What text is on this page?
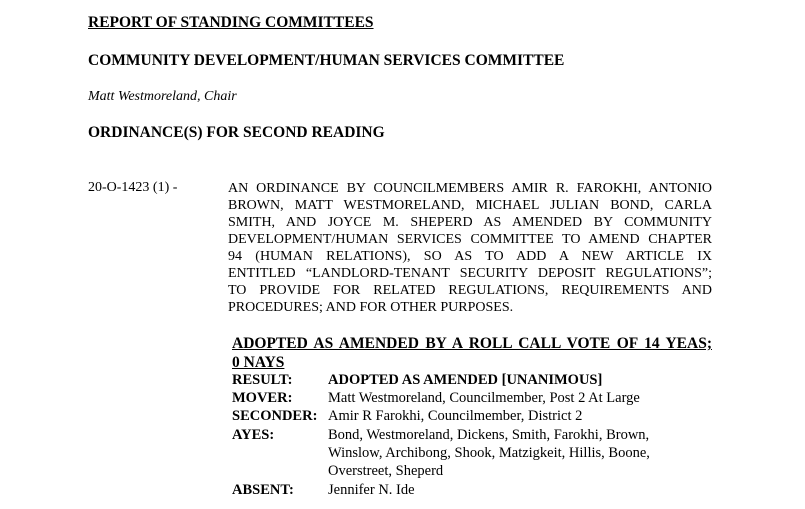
REPORT OF STANDING COMMITTEES
COMMUNITY DEVELOPMENT/HUMAN SERVICES COMMITTEE
Matt Westmoreland, Chair
ORDINANCE(S) FOR SECOND READING
20-O-1423 (1) -	AN ORDINANCE BY COUNCILMEMBERS AMIR R. FAROKHI, ANTONIO
BROWN, MATT WESTMORELAND, MICHAEL JULIAN BOND, CARLA
SMITH, AND JOYCE M. SHEPERD AS AMENDED BY COMMUNITY
DEVELOPMENT/HUMAN SERVICES COMMITTEE TO AMEND CHAPTER
94 (HUMAN RELATIONS), SO AS TO ADD A NEW ARTICLE IX
ENTITLED “LANDLORD-TENANT SECURITY DEPOSIT REGULATIONS”;
TO PROVIDE FOR RELATED REGULATIONS, REQUIREMENTS AND
PROCEDURES; AND FOR OTHER PURPOSES.
ADOPTED AS AMENDED BY A ROLL CALL VOTE OF 14 YEAS;
0 NAYS
RESULT: ADOPTED AS AMENDED [UNANIMOUS]
MOVER: Matt Westmoreland, Councilmember, Post 2 At Large
SECONDER: Amir R Farokhi, Councilmember, District 2
AYES:	Bond, Westmoreland, Dickens, Smith, Farokhi, Brown,
Winslow, Archibong, Shook, Matzigkeit, Hillis, Boone,
Overstreet, Sheperd
ABSENT: Jennifer N. Ide
